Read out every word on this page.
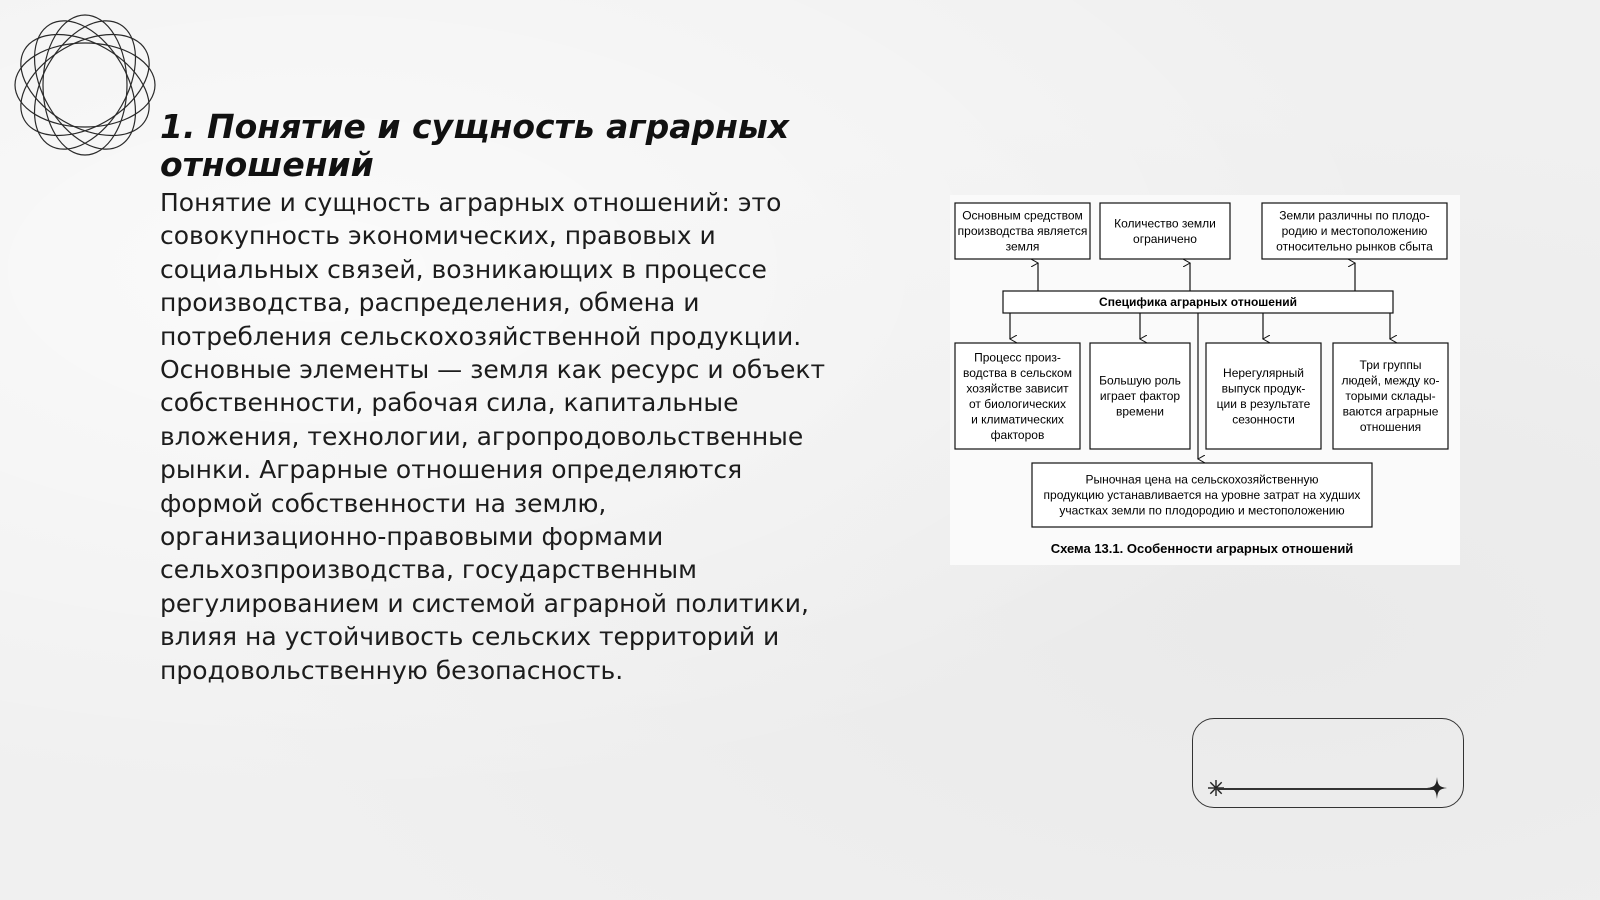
1. Понятие и сущность аграрных отношений

Понятие и сущность аграрных отношений: это совокупность экономических, правовых и социальных связей, возникающих в процессе производства, распределения, обмена и потребления сельскохозяйственной продукции. Основные элементы — земля как ресурс и объект собственности, рабочая сила, капитальные вложения, технологии, агропродовольственные рынки. Аграрные отношения определяются формой собственности на землю, организационно-правовыми формами сельхозпроизводства, государственным регулированием и системой аграрной политики, влияя на устойчивость сельских территорий и продовольственную безопасность.

Основным средством
производства является
земля
Количество земли
ограничено
Земли различны по плодо-
родию и местоположению
относительно рынков сбыта
Специфика аграрных отношений
Процесс произ-
водства в сельском
хозяйстве зависит
от биологических
и климатических
факторов
Большую роль
играет фактор
времени
Нерегулярный
выпуск продук-
ции в результате
сезонности
Три группы
людей, между ко-
торыми склады-
ваются аграрные
отношения
Рыночная цена на сельскохозяйственную
продукцию устанавливается на уровне затрат на худших
участках земли по плодородию и местоположению
Схема 13.1. Особенности аграрных отношений
